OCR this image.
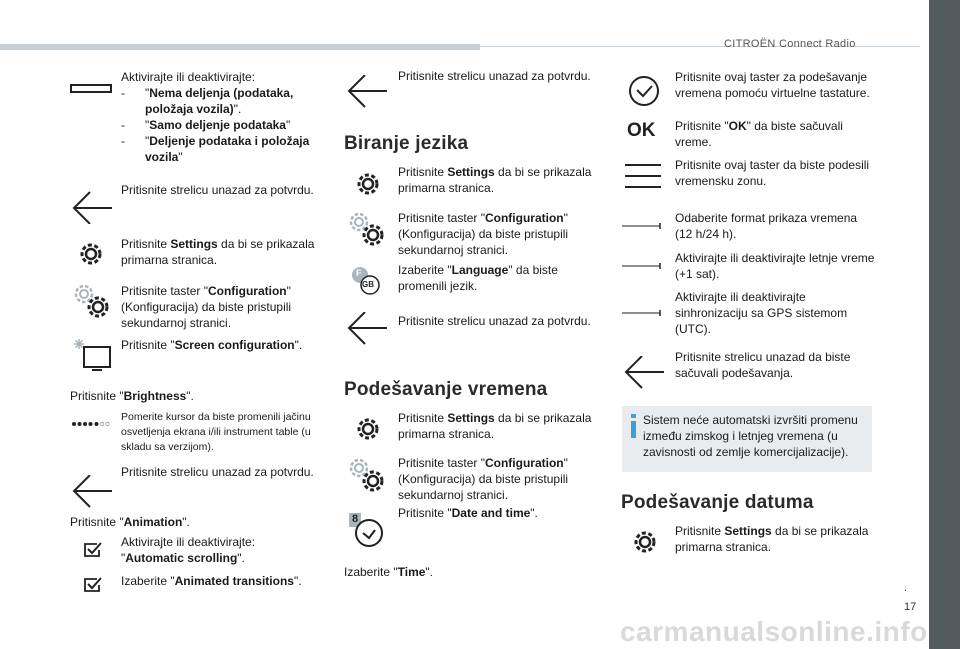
CITROËN Connect Radio
.
17
Aktivirajte ili deaktivirajte:
-	"Nema deljenja (podataka, položaja vozila)".
-	"Samo deljenje podataka"
-	"Deljenje podataka i položaja vozila"
Pritisnite strelicu unazad za potvrdu.
Pritisnite Settings da bi se prikazala primarna stranica.
Pritisnite taster "Configuration" (Konfiguracija) da biste pristupili sekundarnoj stranici.
Pritisnite "Screen configuration".
Pritisnite "Brightness".
Pomerite kursor da biste promenili jačinu osvetljenja ekrana i/ili instrument table (u skladu sa verzijom).
Pritisnite strelicu unazad za potvrdu.
Pritisnite "Animation".
Aktivirajte ili deaktivirajte: "Automatic scrolling".
Izaberite "Animated transitions".
Pritisnite strelicu unazad za potvrdu.
Biranje jezika
Pritisnite Settings da bi se prikazala primarna stranica.
Pritisnite taster "Configuration" (Konfiguracija) da biste pristupili sekundarnoj stranici.
F
GB
Izaberite "Language" da biste promenili jezik.
Pritisnite strelicu unazad za potvrdu.
Podešavanje vremena
Pritisnite Settings da bi se prikazala primarna stranica.
Pritisnite taster "Configuration" (Konfiguracija) da biste pristupili sekundarnoj stranici.
8	Pritisnite "Date and time".
Izaberite "Time".
Pritisnite ovaj taster za podešavanje vremena pomoću virtuelne tastature.
OK Pritisnite "OK" da biste sačuvali vreme.
Pritisnite ovaj taster da biste podesili vremensku zonu.
Odaberite format prikaza vremena (12 h/24 h).
Aktivirajte ili deaktivirajte letnje vreme (+1 sat).
Aktivirajte ili deaktivirajte sinhronizaciju sa GPS sistemom (UTC).
Pritisnite strelicu unazad da biste sačuvali podešavanja.
Sistem neće automatski izvršiti promenu između zimskog i letnjeg vremena (u zavisnosti od zemlje komercijalizacije).
Podešavanje datuma
Pritisnite Settings da bi se prikazala primarna stranica.
carmanualsonline.info
